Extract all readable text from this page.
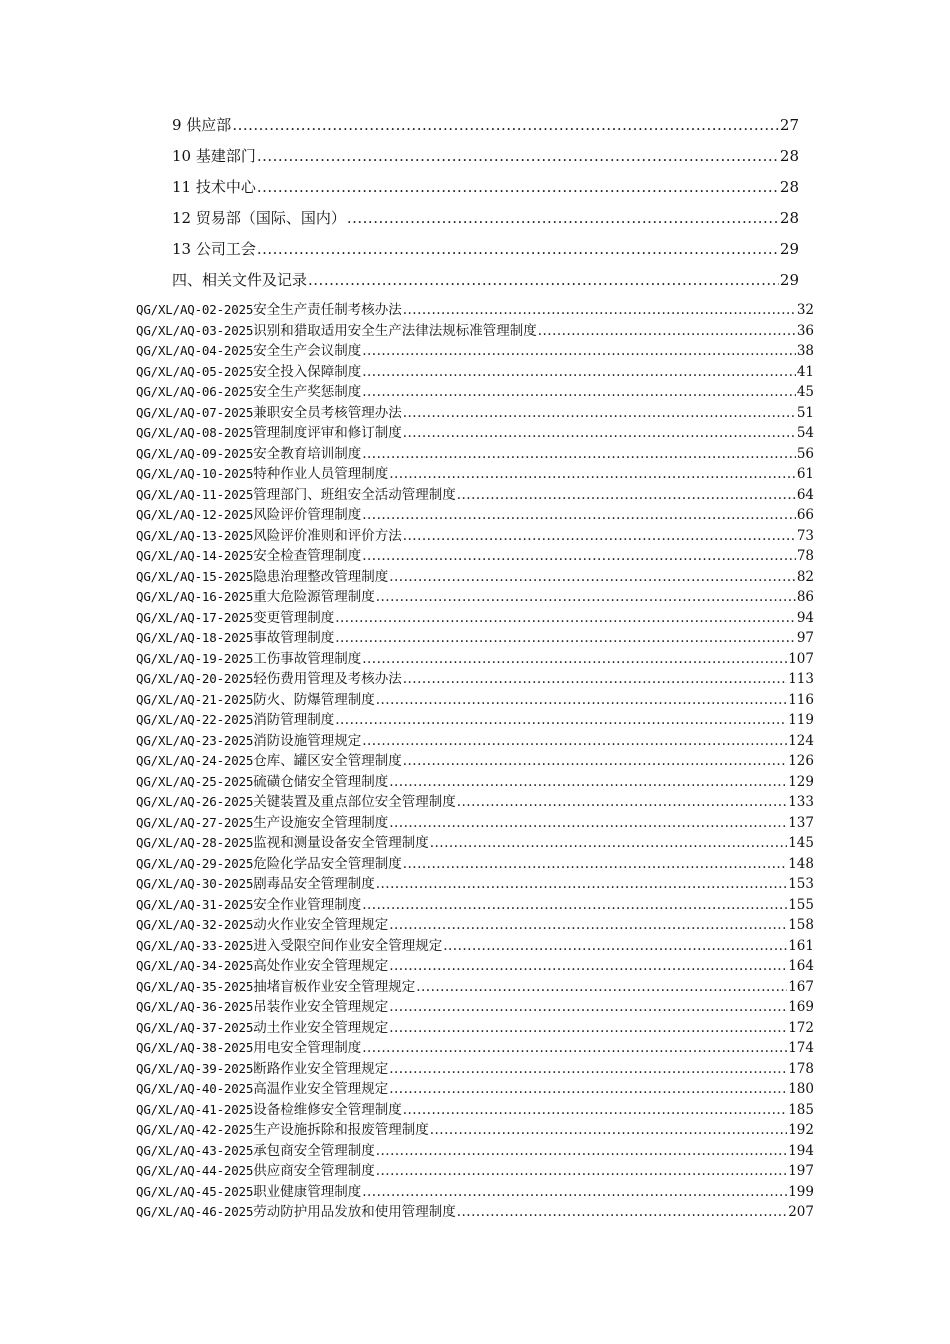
9 供应部 .....	27
10 基建部门 .....	28
11 技术中心 .....	28
12 贸易部（国际、国内） .....	28
13 公司工会 .....	29
四、相关文件及记录 .....	29
QG/XL/AQ-02-2025 安全生产责任制考核办法 .....	32
QG/XL/AQ-03-2025 识别和猎取适用安全生产法律法规标准管理制度 .....	36
QG/XL/AQ-04-2025 安全生产会议制度 .....	38
QG/XL/AQ-05-2025 安全投入保障制度 .....	41
QG/XL/AQ-06-2025 安全生产奖惩制度 .....	45
QG/XL/AQ-07-2025 兼职安全员考核管理办法 .....	51
QG/XL/AQ-08-2025 管理制度评审和修订制度 .....	54
QG/XL/AQ-09-2025 安全教育培训制度 .....	56
QG/XL/AQ-10-2025 特种作业人员管理制度 .....	61
QG/XL/AQ-11-2025 管理部门、班组安全活动管理制度 .....	64
QG/XL/AQ-12-2025 风险评价管理制度 .....	66
QG/XL/AQ-13-2025 风险评价准则和评价方法 .....	73
QG/XL/AQ-14-2025 安全检查管理制度 .....	78
QG/XL/AQ-15-2025 隐患治理整改管理制度 .....	82
QG/XL/AQ-16-2025 重大危险源管理制度 .....	86
QG/XL/AQ-17-2025 变更管理制度 .....	94
QG/XL/AQ-18-2025 事故管理制度 .....	97
QG/XL/AQ-19-2025 工伤事故管理制度 .....	107
QG/XL/AQ-20-2025 轻伤费用管理及考核办法 .....	113
QG/XL/AQ-21-2025 防火、防爆管理制度 .....	116
QG/XL/AQ-22-2025 消防管理制度 .....	119
QG/XL/AQ-23-2025 消防设施管理规定 .....	124
QG/XL/AQ-24-2025 仓库、罐区安全管理制度 .....	126
QG/XL/AQ-25-2025 硫磺仓储安全管理制度 .....	129
QG/XL/AQ-26-2025 关键装置及重点部位安全管理制度 .....	133
QG/XL/AQ-27-2025 生产设施安全管理制度 .....	137
QG/XL/AQ-28-2025 监视和测量设备安全管理制度 .....	145
QG/XL/AQ-29-2025 危险化学品安全管理制度 .....	148
QG/XL/AQ-30-2025 剧毒品安全管理制度 .....	153
QG/XL/AQ-31-2025 安全作业管理制度 .....	155
QG/XL/AQ-32-2025 动火作业安全管理规定 .....	158
QG/XL/AQ-33-2025 进入受限空间作业安全管理规定 .....	161
QG/XL/AQ-34-2025 高处作业安全管理规定 .....	164
QG/XL/AQ-35-2025 抽堵盲板作业安全管理规定 .....	167
QG/XL/AQ-36-2025 吊装作业安全管理规定 .....	169
QG/XL/AQ-37-2025 动土作业安全管理规定 .....	172
QG/XL/AQ-38-2025 用电安全管理制度 .....	174
QG/XL/AQ-39-2025 断路作业安全管理规定 .....	178
QG/XL/AQ-40-2025 高温作业安全管理规定 .....	180
QG/XL/AQ-41-2025 设备检维修安全管理制度 .....	185
QG/XL/AQ-42-2025 生产设施拆除和报废管理制度 .....	192
QG/XL/AQ-43-2025 承包商安全管理制度 .....	194
QG/XL/AQ-44-2025 供应商安全管理制度 .....	197
QG/XL/AQ-45-2025 职业健康管理制度 .....	199
QG/XL/AQ-46-2025 劳动防护用品发放和使用管理制度 .....	207
